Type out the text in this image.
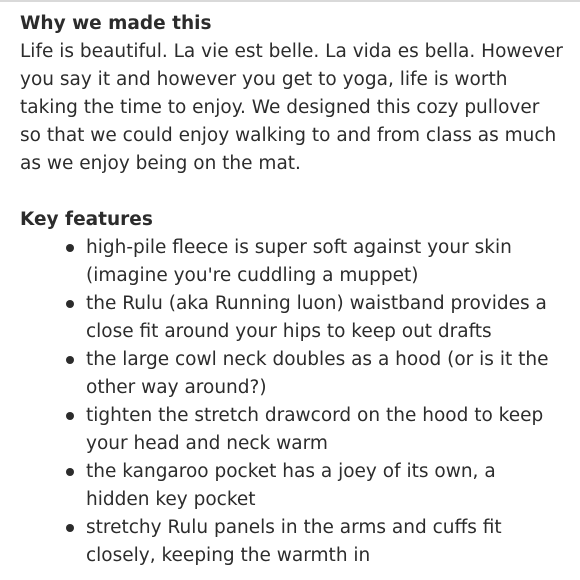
Why we made this

Life is beautiful. La vie est belle. La vida es bella. However
you say it and however you get to yoga, life is worth
taking the time to enjoy. We designed this cozy pullover
so that we could enjoy walking to and from class as much
as we enjoy being on the mat.

Key features
high-pile fleece is super soft against your skin
(imagine you're cuddling a muppet)
the Rulu (aka Running luon) waistband provides a
close fit around your hips to keep out drafts
the large cowl neck doubles as a hood (or is it the
other way around?)
tighten the stretch drawcord on the hood to keep
your head and neck warm
the kangaroo pocket has a joey of its own, a
hidden key pocket
stretchy Rulu panels in the arms and cuffs fit
closely, keeping the warmth in
